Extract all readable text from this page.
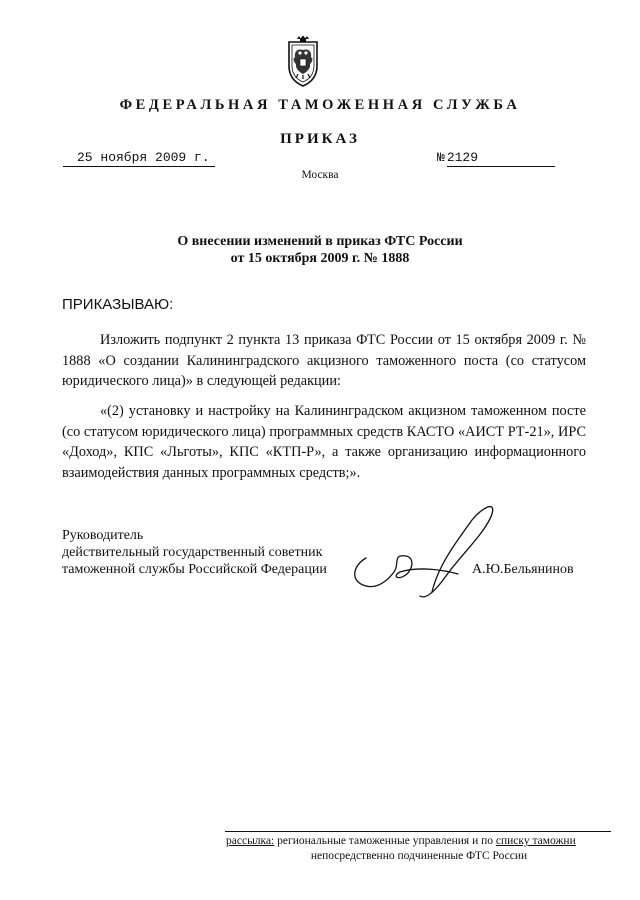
ФЕДЕРАЛЬНАЯ ТАМОЖЕННАЯ СЛУЖБА
ПРИКАЗ
25 ноября 2009 г.	№ 2129
Москва
О внесении изменений в приказ ФТС России
от 15 октября 2009 г. № 1888
ПРИКАЗЫВАЮ:
Изложить подпункт 2 пункта 13 приказа ФТС России от 15 октября 2009 г. № 1888 «О создании Калининградского акцизного таможенного поста (со статусом юридического лица)» в следующей редакции:
«(2) установку и настройку на Калининградском акцизном таможенном посте (со статусом юридического лица) программных средств КАСТО «АИСТ РТ-21», ИРС «Доход», КПС «Льготы», КПС «КТП-Р», а также организацию информационного взаимодействия данных программных средств;».
Руководитель
действительный государственный советник
таможенной службы Российской Федерации	А.Ю.Бельянинов
рассылка: региональные таможенные управления и по списку таможни
непосредственно подчиненные ФТС России
